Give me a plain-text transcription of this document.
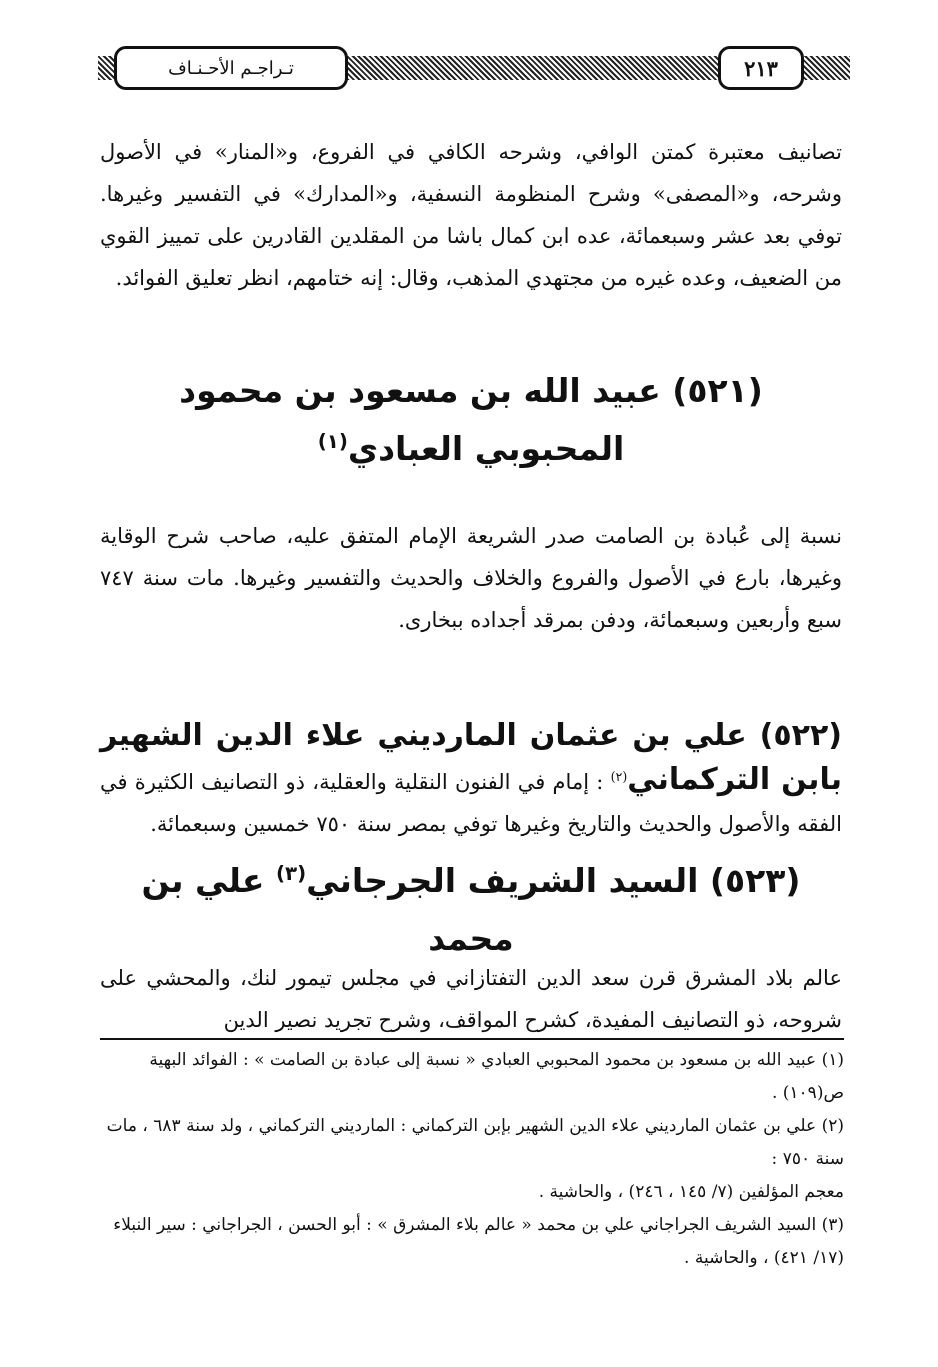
تـراجـم الأحـنـاف	٢١٣

تصانيف معتبرة كمتن الوافي، وشرحه الكافي في الفروع، و«المنار» في الأصول وشرحه، و«المصفى» وشرح المنظومة النسفية، و«المدارك» في التفسير وغيرها. توفي بعد عشر وسبعمائة، عده ابن كمال باشا من المقلدين القادرين على تمييز القوي من الضعيف، وعده غيره من مجتهدي المذهب، وقال: إنه ختامهم، انظر تعليق الفوائد.

(٥٢١) عبيد الله بن مسعود بن محمود المحبوبي العبادي$^{(١)}$

نسبة إلى عُبادة بن الصامت صدر الشريعة الإمام المتفق عليه، صاحب شرح الوقاية وغيرها، بارع في الأصول والفروع والخلاف والحديث والتفسير وغيرها. مات سنة ٧٤٧ سبع وأربعين وسبعمائة، ودفن بمرقد أجداده ببخارى.

(٥٢٢) علي بن عثمان المارديني علاء الدين الشهير بابن التركماني$^{(٢)}$ : إمام في الفنون النقلية والعقلية، ذو التصانيف الكثيرة في الفقه والأصول والحديث والتاريخ وغيرها توفي بمصر سنة ٧٥٠ خمسين وسبعمائة.

(٥٢٣) السيد الشريف الجرجاني$^{(٣)}$ علي بن محمد

عالم بلاد المشرق قرن سعد الدين التفتازاني في مجلس تيمور لنك، والمحشي على شروحه، ذو التصانيف المفيدة، كشرح المواقف، وشرح تجريد نصير الدين

(١) عبيد الله بن مسعود بن محمود المحبوبي العبادي « نسبة إلى عبادة بن الصامت » : الفوائد البهية ص(١٠٩) .

(٢) علي بن عثمان المارديني علاء الدين الشهير بإبن التركماني : المارديني التركماني ، ولد سنة ٦٨٣ ، مات سنة ٧٥٠ :

معجم المؤلفين (٧/ ١٤٥ ، ٢٤٦) ، والحاشية .

(٣) السيد الشريف الجراجاني علي بن محمد « عالم بلاء المشرق » : أبو الحسن ، الجراجاني : سير النبلاء (١٧/ ٤٢١) ، والحاشية .
